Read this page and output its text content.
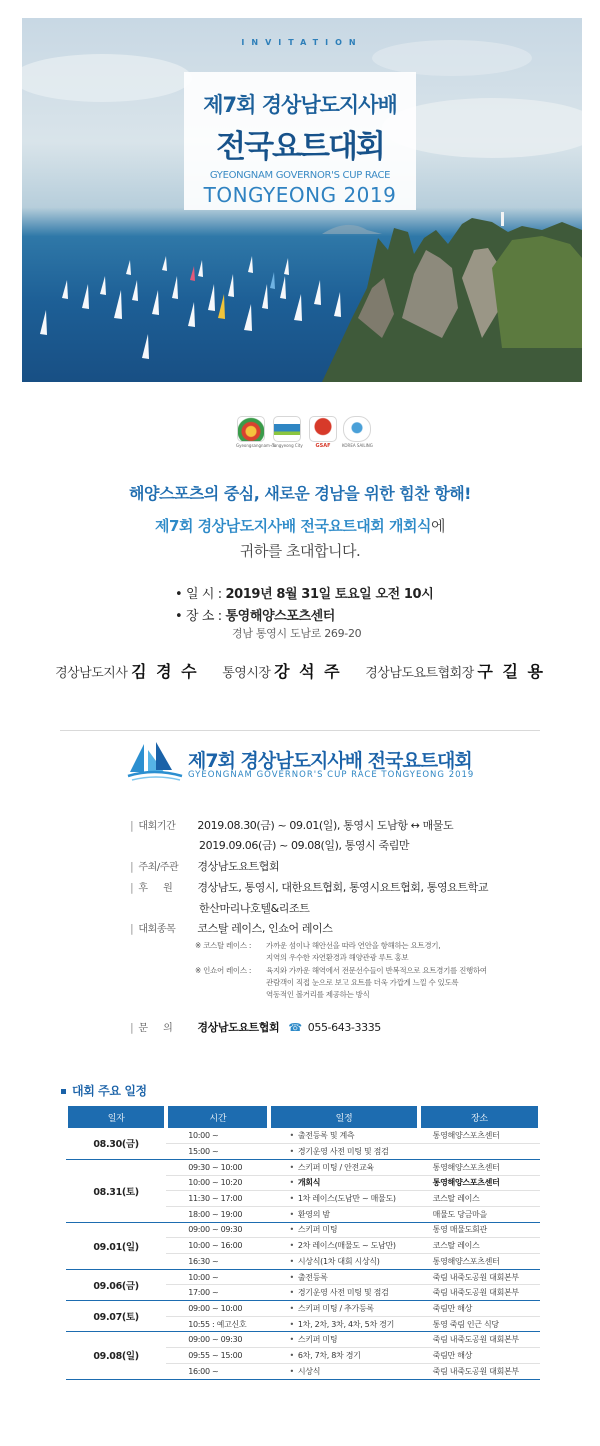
INVITATION
제7회 경상남도지사배
전국요트대회
GYEONGNAM GOVERNOR'S CUP RACE
TONGYEONG 2019
Gyeongsangnam-do
Tongyeong City	GSAF	KOREA SAILING
해양스포츠의 중심, 새로운 경남을 위한 힘찬 항해!
제7회 경상남도지사배 전국요트대회 개회식에
귀하를 초대합니다.
• 일 시 : 2019년 8월 31일 토요일 오전 10시
• 장 소 : 통영해양스포츠센터
경남 통영시 도남로 269-20
경상남도지사 김 경 수 통영시장 강 석 주 경상남도요트협회장 구 길 용
제7회 경상남도지사배 전국요트대회
GYEONGNAM GOVERNOR'S CUP RACE TONGYEONG 2019
| 대회기간 2019.08.30(금) ~ 09.01(일), 통영시 도남항 ↔ 매물도
2019.09.06(금) ~ 09.08(일), 통영시 죽림만
| 주최/주관 경상남도요트협회
| 후 원 경상남도, 통영시, 대한요트협회, 통영시요트협회, 통영요트학교
한산마리나호텔&리조트
| 대회종목 코스탈 레이스, 인쇼어 레이스
※ 코스탈 레이스 : 가까운 섬이나 해안선을 따라 연안을 항해하는 요트경기,
지역의 우수한 자연환경과 해양관광 루트 홍보
※ 인쇼어 레이스 : 육지와 가까운 해역에서 전문선수들이 반복적으로 요트경기를 진행하여
관람객이 직접 눈으로 보고 요트를 더욱 가깝게 느낄 수 있도록
역동적인 볼거리를 제공하는 방식
| 문 의 경상남도요트협회 ☎ 055-643-3335
대회 주요 일정
일자	시간	일정	장소
08.30(금)	10:00 ~	• 출전등록 및 계측	통영해양스포츠센터
	15:00 ~	• 경기운영 사전 미팅 및 점검	
08.31(토)	09:30 ~ 10:00	• 스키퍼 미팅 / 안전교육	통영해양스포츠센터
	10:00 ~ 10:20	• 개회식	통영해양스포츠센터
	11:30 ~ 17:00	• 1차 레이스(도남만 ~ 매물도)	코스탈 레이스
	18:00 ~ 19:00	• 환영의 밤	매물도 당금마을
09.01(일)	09:00 ~ 09:30	• 스키퍼 미팅	통영 매물도회관
	10:00 ~ 16:00	• 2차 레이스(매물도 ~ 도남만)	코스탈 레이스
	16:30 ~	• 시상식(1차 대회 시상식)	통영해양스포츠센터
09.06(금)	10:00 ~	• 출전등록	죽림 내죽도공원 대회본부
	17:00 ~	• 경기운영 사전 미팅 및 점검	죽림 내죽도공원 대회본부
09.07(토)	09:00 ~ 10:00	• 스키퍼 미팅 / 추가등록	죽림만 해상
	10:55 : 예고신호	• 1차, 2차, 3차, 4차, 5차 경기	통영 죽림 인근 식당
09.08(일)	09:00 ~ 09:30	• 스키퍼 미팅	죽림 내죽도공원 대회본부
	09:55 ~ 15:00	• 6차, 7차, 8차 경기	죽림만 해상
	16:00 ~	• 시상식	죽림 내죽도공원 대회본부
